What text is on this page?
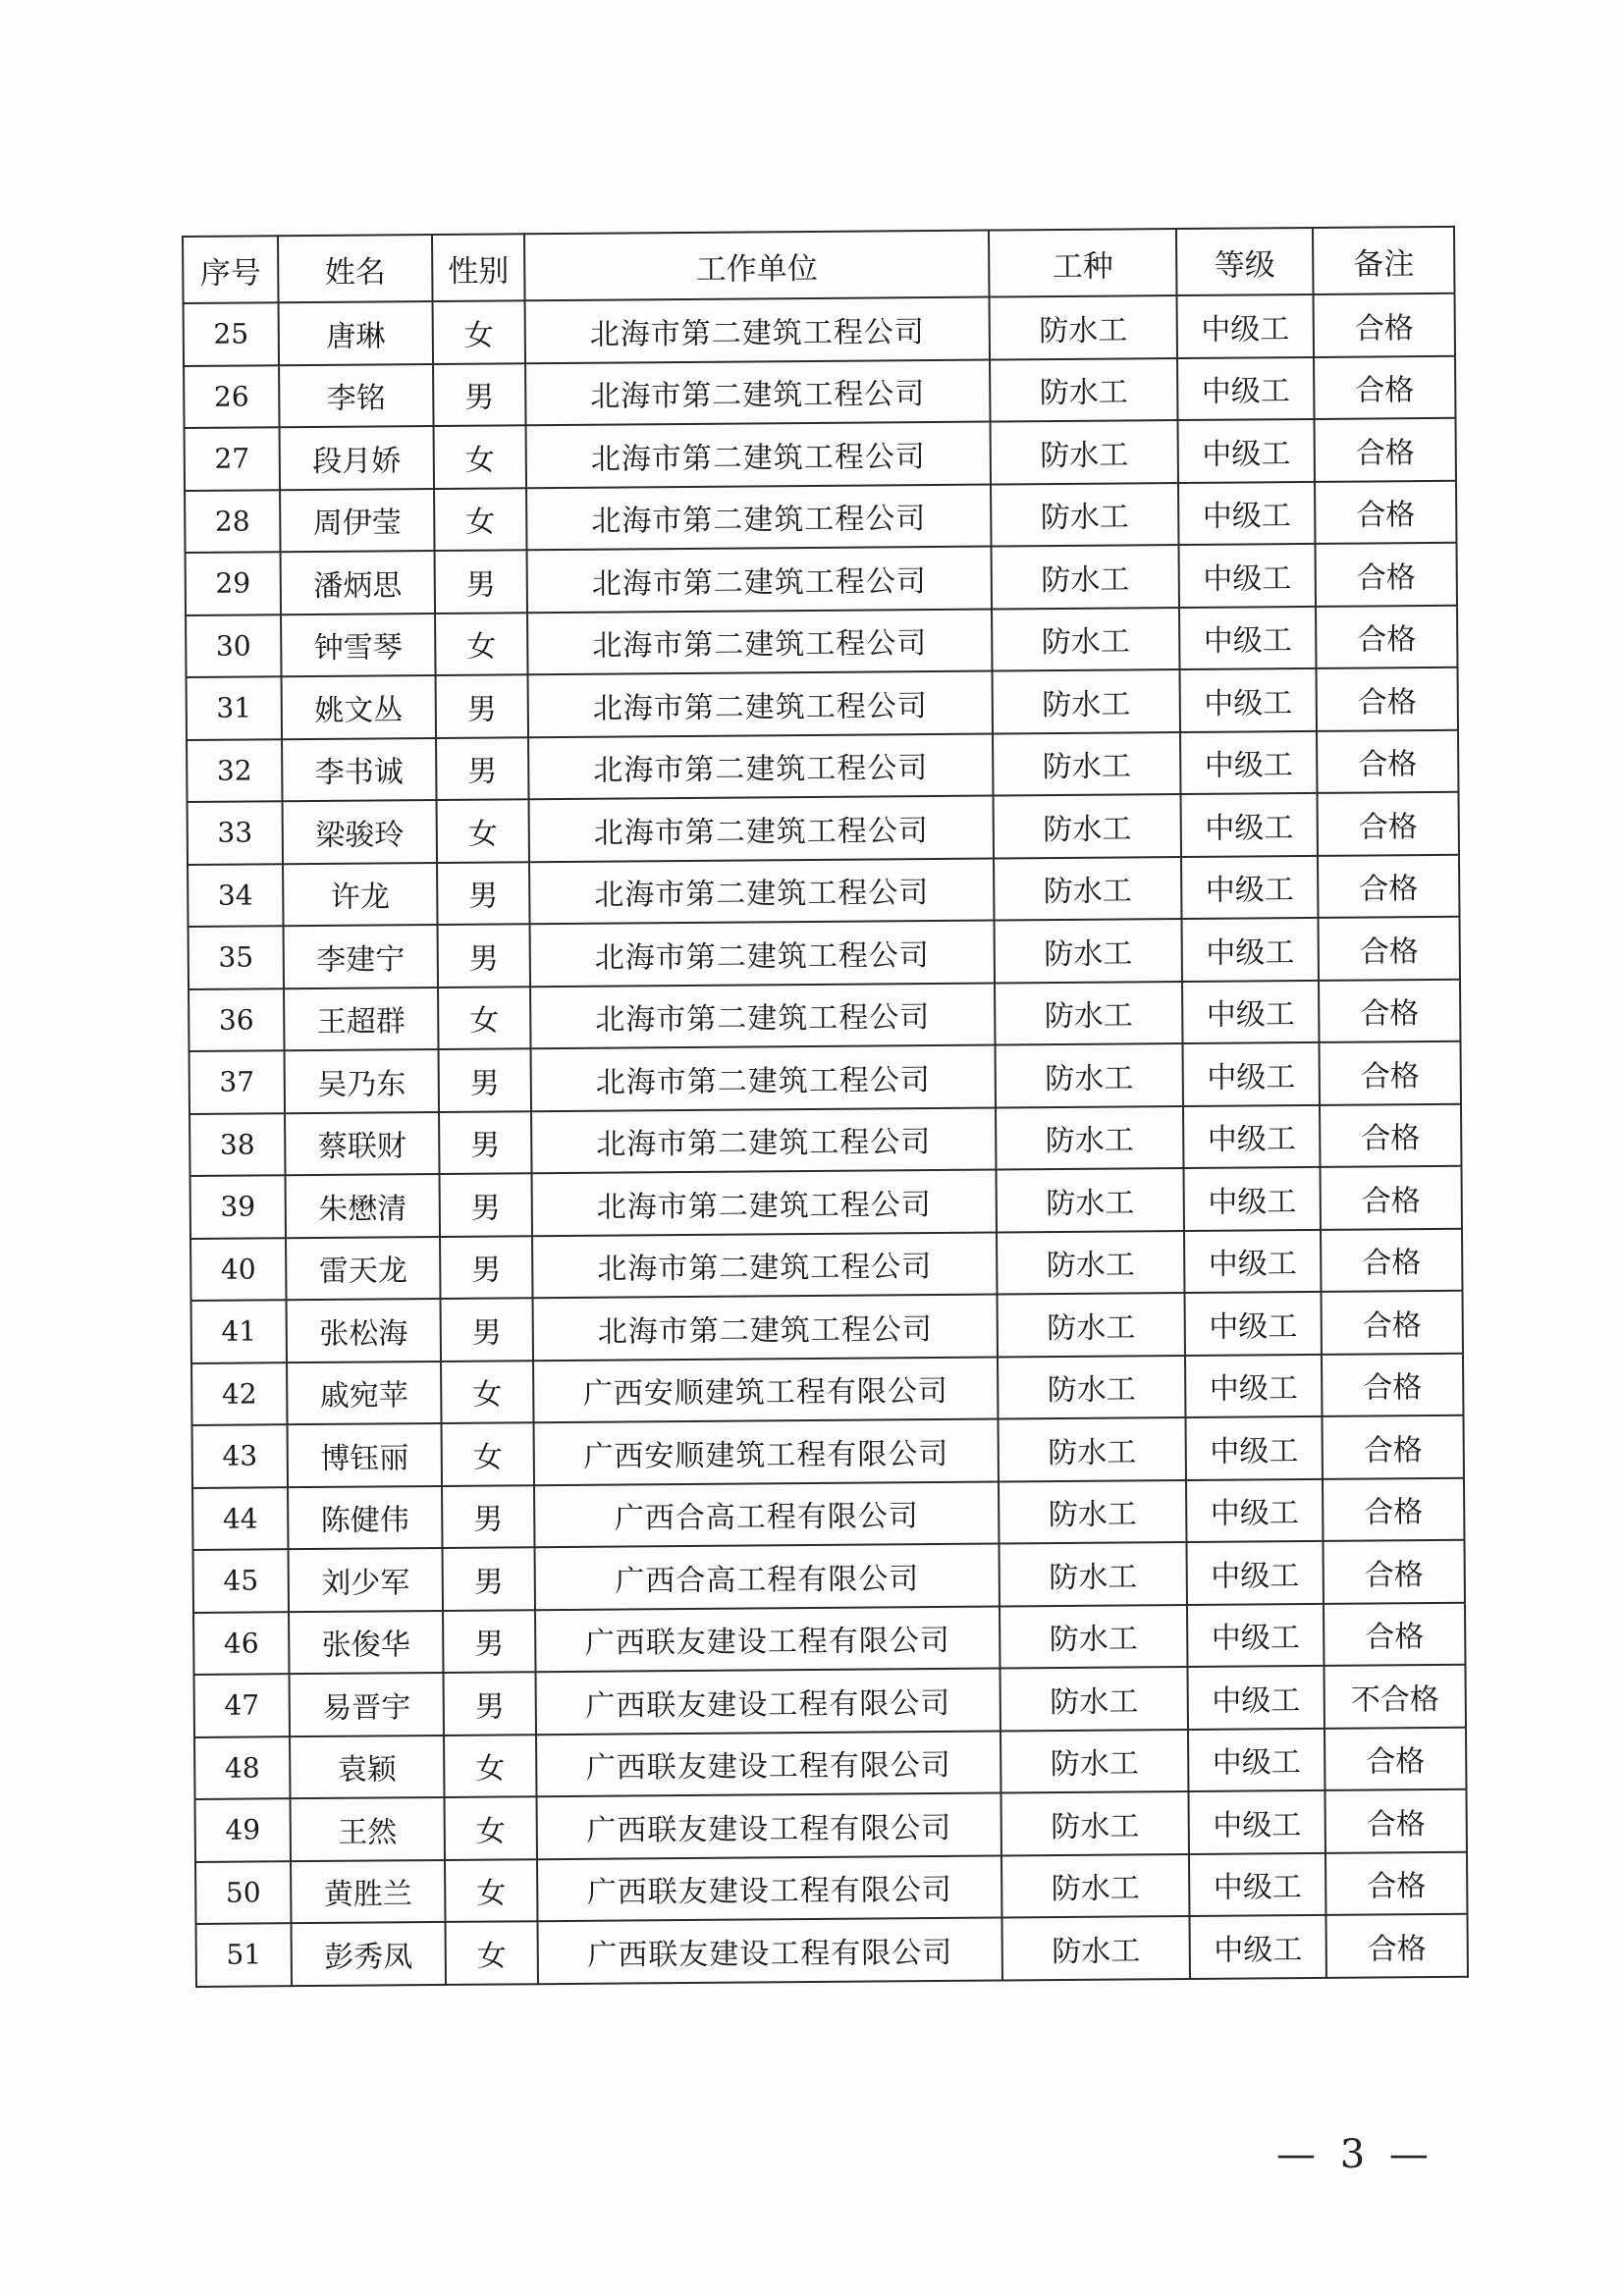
序号	姓名	性别	工作单位	工种	等级	备注
25	唐琳	女	北海市第二建筑工程公司	防水工	中级工	合格
26	李铭	男	北海市第二建筑工程公司	防水工	中级工	合格
27	段月娇	女	北海市第二建筑工程公司	防水工	中级工	合格
28	周伊莹	女	北海市第二建筑工程公司	防水工	中级工	合格
29	潘炳思	男	北海市第二建筑工程公司	防水工	中级工	合格
30	钟雪琴	女	北海市第二建筑工程公司	防水工	中级工	合格
31	姚文丛	男	北海市第二建筑工程公司	防水工	中级工	合格
32	李书诚	男	北海市第二建筑工程公司	防水工	中级工	合格
33	梁骏玲	女	北海市第二建筑工程公司	防水工	中级工	合格
34	许龙	男	北海市第二建筑工程公司	防水工	中级工	合格
35	李建宁	男	北海市第二建筑工程公司	防水工	中级工	合格
36	王超群	女	北海市第二建筑工程公司	防水工	中级工	合格
37	吴乃东	男	北海市第二建筑工程公司	防水工	中级工	合格
38	蔡联财	男	北海市第二建筑工程公司	防水工	中级工	合格
39	朱懋清	男	北海市第二建筑工程公司	防水工	中级工	合格
40	雷天龙	男	北海市第二建筑工程公司	防水工	中级工	合格
41	张松海	男	北海市第二建筑工程公司	防水工	中级工	合格
42	戚宛苹	女	广西安顺建筑工程有限公司	防水工	中级工	合格
43	博钰丽	女	广西安顺建筑工程有限公司	防水工	中级工	合格
44	陈健伟	男	广西合高工程有限公司	防水工	中级工	合格
45	刘少军	男	广西合高工程有限公司	防水工	中级工	合格
46	张俊华	男	广西联友建设工程有限公司	防水工	中级工	合格
47	易晋宇	男	广西联友建设工程有限公司	防水工	中级工	不合格
48	袁颖	女	广西联友建设工程有限公司	防水工	中级工	合格
49	王然	女	广西联友建设工程有限公司	防水工	中级工	合格
50	黄胜兰	女	广西联友建设工程有限公司	防水工	中级工	合格
51	彭秀凤	女	广西联友建设工程有限公司	防水工	中级工	合格
— 3 —
